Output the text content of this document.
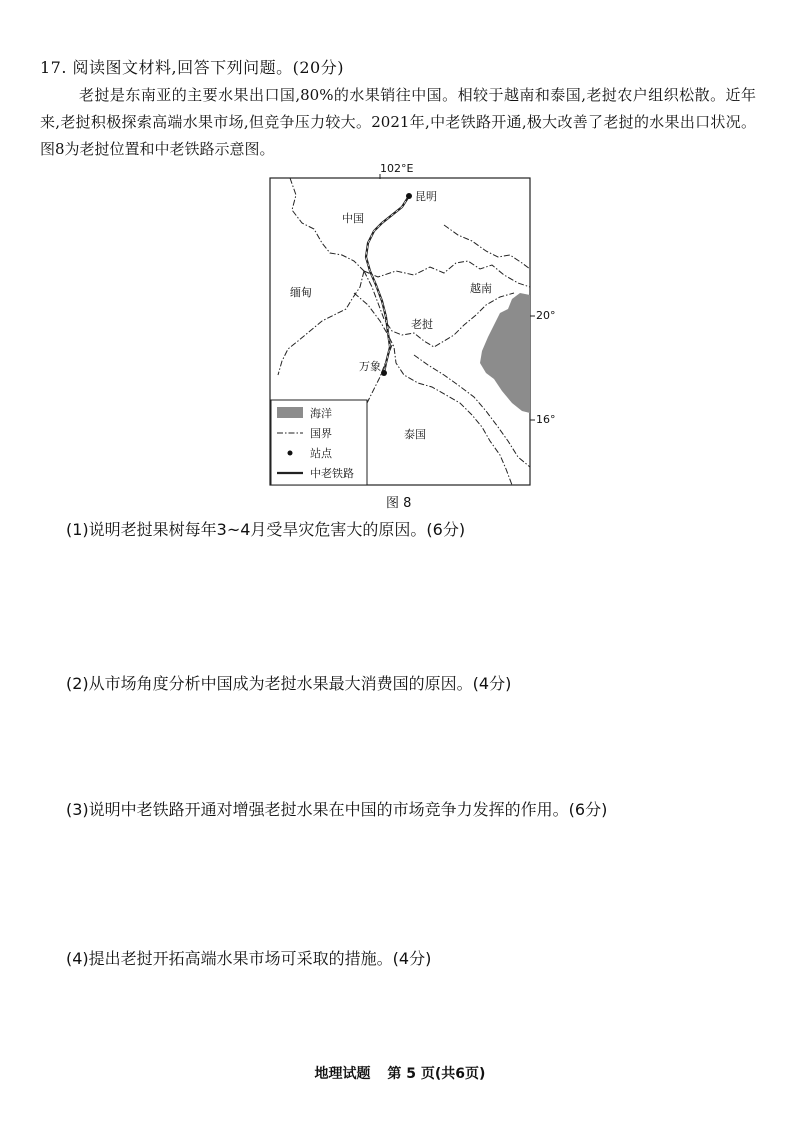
17. 阅读图文材料,回答下列问题。(20分)
老挝是东南亚的主要水果出口国,80%的水果销往中国。相较于越南和泰国,老挝农户组织松散。近年来,老挝积极探索高端水果市场,但竞争压力较大。2021年,中老铁路开通,极大改善了老挝的水果出口状况。图8为老挝位置和中老铁路示意图。
102°E
昆明
万象
中国
缅甸	越南
老挝
泰国
20°
16°
海洋
国界
站点
中老铁路
图 8
(1)说明老挝果树每年3~4月受旱灾危害大的原因。(6分)
(2)从市场角度分析中国成为老挝水果最大消费国的原因。(4分)
(3)说明中老铁路开通对增强老挝水果在中国的市场竞争力发挥的作用。(6分)
(4)提出老挝开拓高端水果市场可采取的措施。(4分)
地理试题 第 5 页(共6页)
